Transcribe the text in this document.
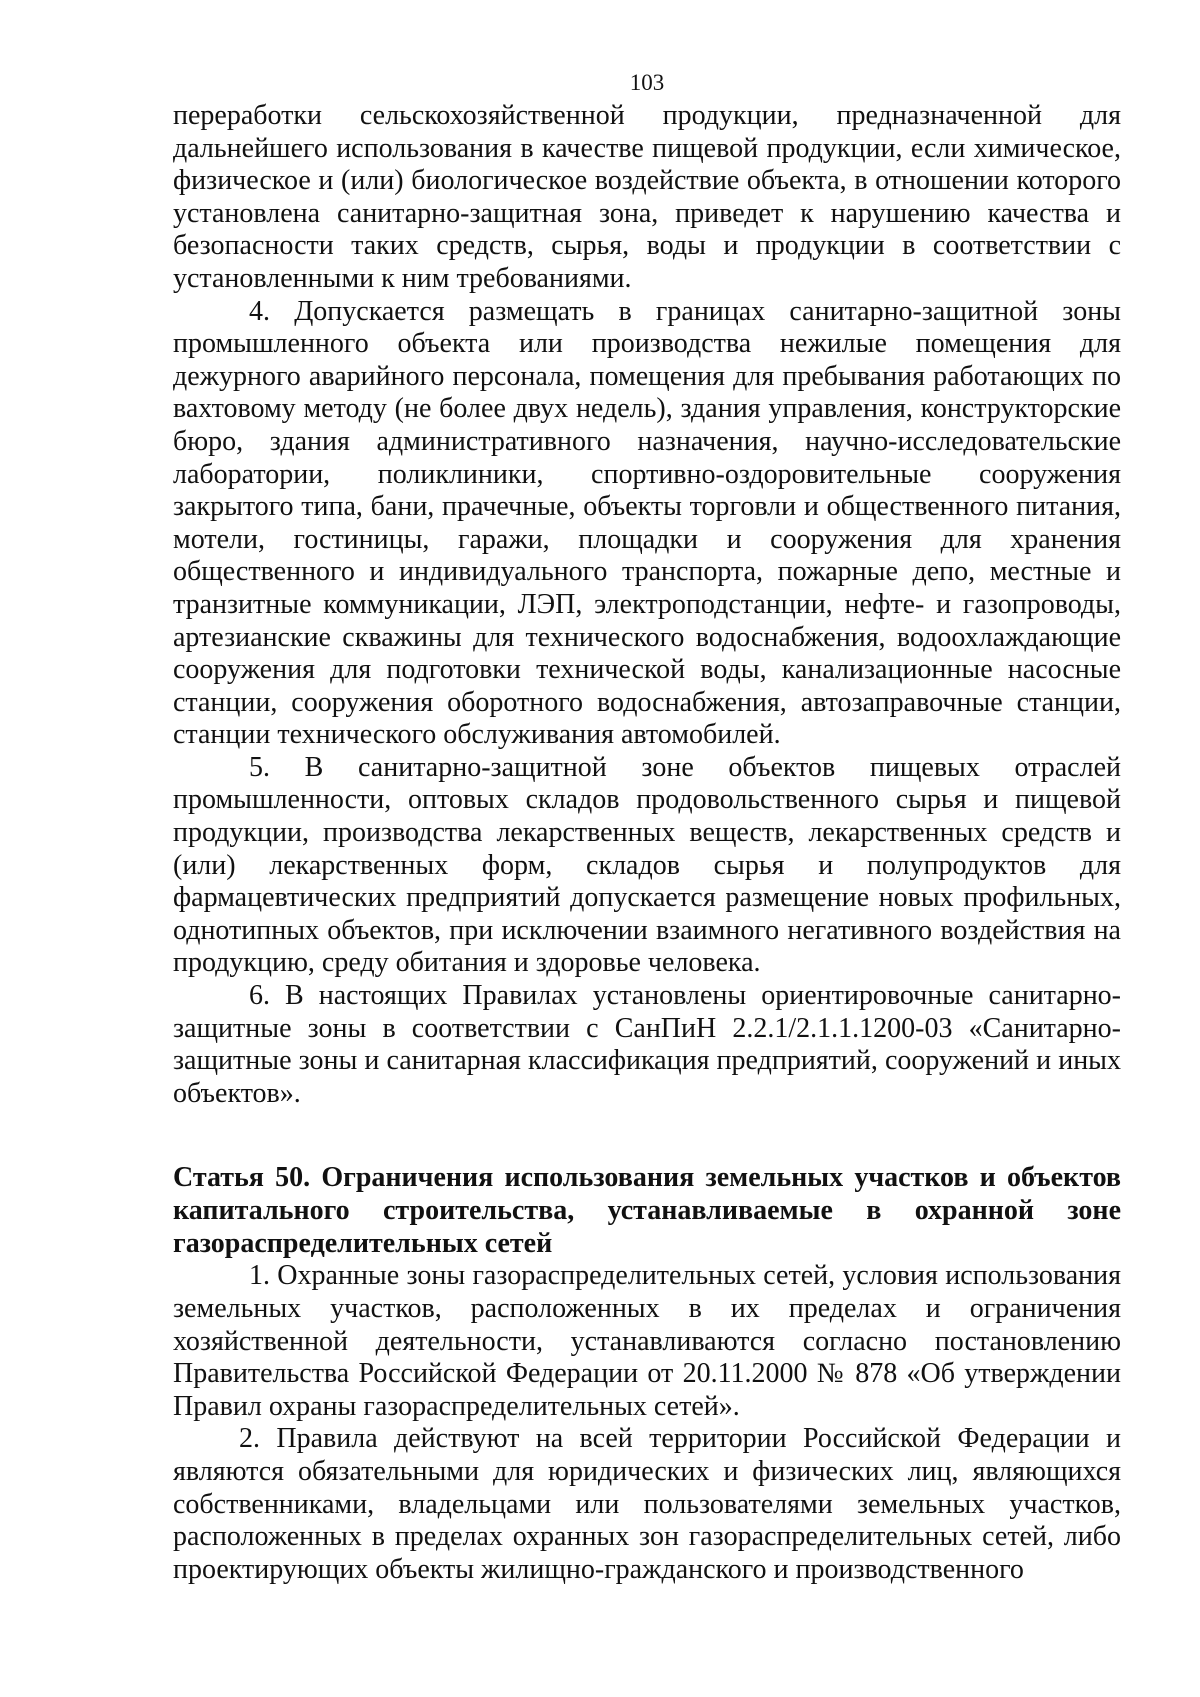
103

переработки сельскохозяйственной продукции, предназначенной для дальнейшего использования в качестве пищевой продукции, если химическое, физическое и (или) биологическое воздействие объекта, в отношении которого установлена санитарно-защитная зона, приведет к нарушению качества и безопасности таких средств, сырья, воды и продукции в соответствии с установленными к ним требованиями.

4. Допускается размещать в границах санитарно-защитной зоны промышленного объекта или производства нежилые помещения для дежурного аварийного персонала, помещения для пребывания работающих по вахтовому методу (не более двух недель), здания управления, конструкторские бюро, здания административного назначения, научно-исследовательские лаборатории, поликлиники, спортивно-оздоровительные сооружения закрытого типа, бани, прачечные, объекты торговли и общественного питания, мотели, гостиницы, гаражи, площадки и сооружения для хранения общественного и индивидуального транспорта, пожарные депо, местные и транзитные коммуникации, ЛЭП, электроподстанции, нефте- и газопроводы, артезианские скважины для технического водоснабжения, водоохлаждающие сооружения для подготовки технической воды, канализационные насосные станции, сооружения оборотного водоснабжения, автозаправочные станции, станции технического обслуживания автомобилей.

5. В санитарно-защитной зоне объектов пищевых отраслей промышленности, оптовых складов продовольственного сырья и пищевой продукции, производства лекарственных веществ, лекарственных средств и (или) лекарственных форм, складов сырья и полупродуктов для фармацевтических предприятий допускается размещение новых профильных, однотипных объектов, при исключении взаимного негативного воздействия на продукцию, среду обитания и здоровье человека.

6. В настоящих Правилах установлены ориентировочные санитарно-защитные зоны в соответствии с СанПиН 2.2.1/2.1.1.1200-03 «Санитарно-защитные зоны и санитарная классификация предприятий, сооружений и иных объектов».

Статья 50. Ограничения использования земельных участков и объектов капитального строительства, устанавливаемые в охранной зоне газораспределительных сетей

1. Охранные зоны газораспределительных сетей, условия использования земельных участков, расположенных в их пределах и ограничения хозяйственной деятельности, устанавливаются согласно постановлению Правительства Российской Федерации от 20.11.2000 № 878 «Об утверждении Правил охраны газораспределительных сетей».

2. Правила действуют на всей территории Российской Федерации и являются обязательными для юридических и физических лиц, являющихся собственниками, владельцами или пользователями земельных участков, расположенных в пределах охранных зон газораспределительных сетей, либо проектирующих объекты жилищно-гражданского и производственного
